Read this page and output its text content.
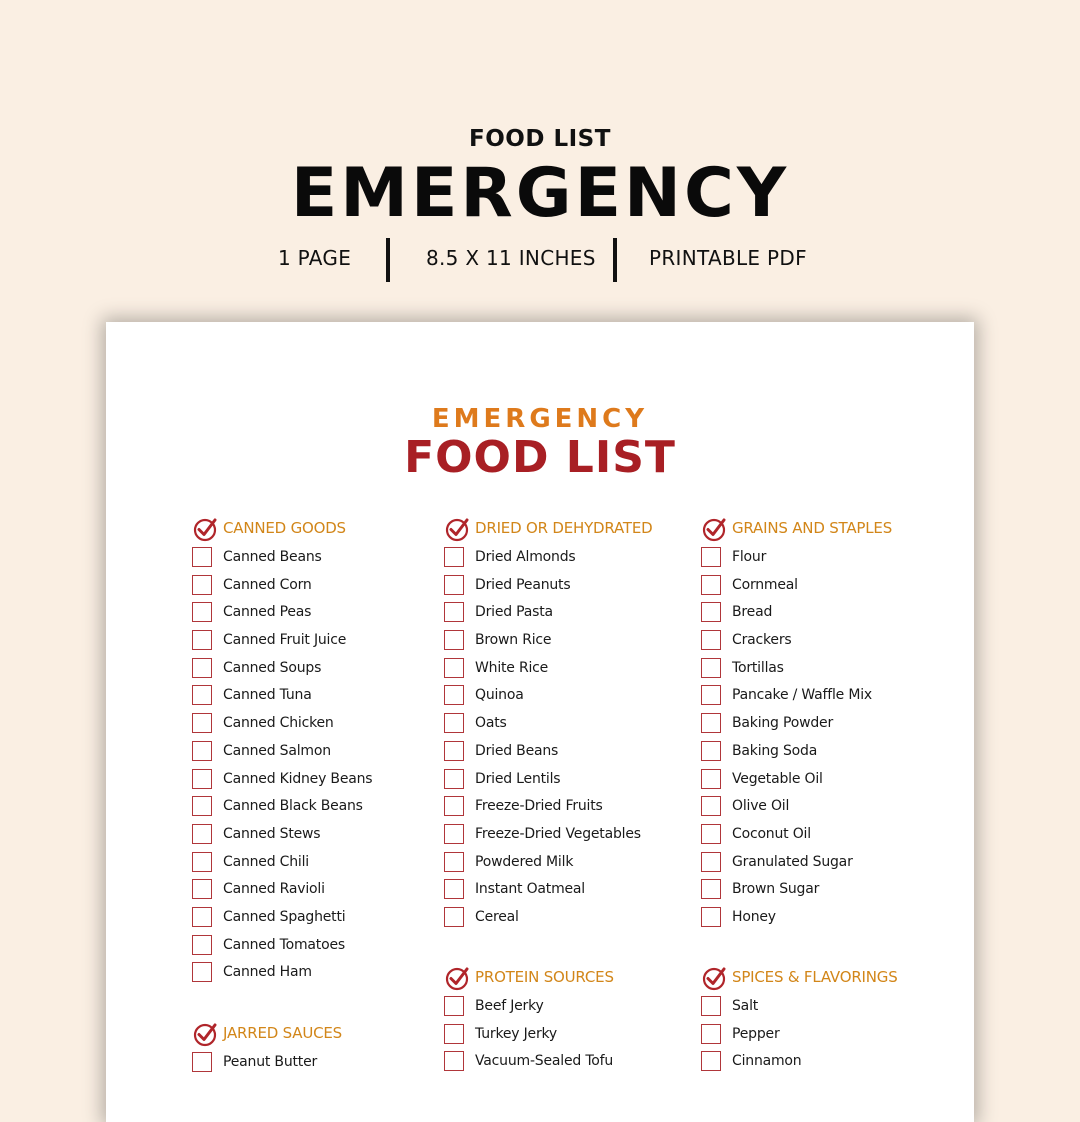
FOOD LIST
EMERGENCY
1 PAGE	8.5 X 11 INCHES	PRINTABLE PDF
EMERGENCY
FOOD LIST
CANNED GOODS
Canned Beans
Canned Corn
Canned Peas
Canned Fruit Juice
Canned Soups
Canned Tuna
Canned Chicken
Canned Salmon
Canned Kidney Beans
Canned Black Beans
Canned Stews
Canned Chili
Canned Ravioli
Canned Spaghetti
Canned Tomatoes
Canned Ham
JARRED SAUCES
Peanut Butter
DRIED OR DEHYDRATED
Dried Almonds
Dried Peanuts
Dried Pasta
Brown Rice
White Rice
Quinoa
Oats
Dried Beans
Dried Lentils
Freeze-Dried Fruits
Freeze-Dried Vegetables
Powdered Milk
Instant Oatmeal
Cereal
PROTEIN SOURCES
Beef Jerky
Turkey Jerky
Vacuum-Sealed Tofu
GRAINS AND STAPLES
Flour
Cornmeal
Bread
Crackers
Tortillas
Pancake / Waffle Mix
Baking Powder
Baking Soda
Vegetable Oil
Olive Oil
Coconut Oil
Granulated Sugar
Brown Sugar
Honey
SPICES & FLAVORINGS
Salt
Pepper
Cinnamon
